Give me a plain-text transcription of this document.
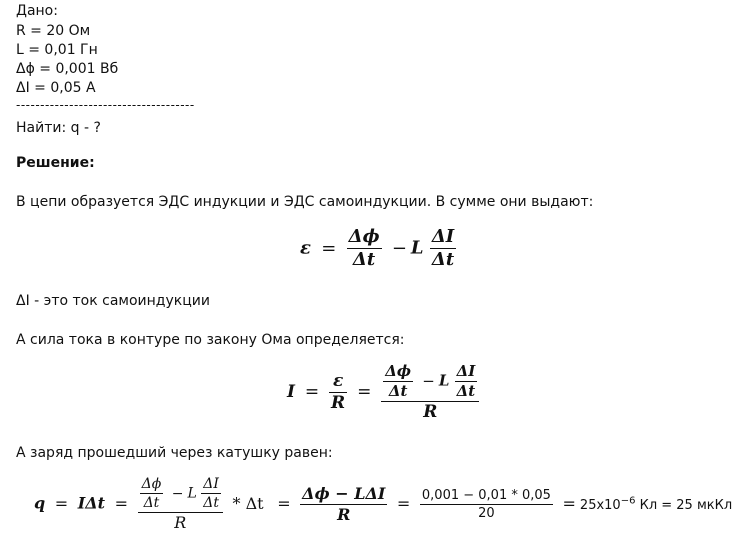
Дано:
R = 20 Ом
L = 0,01 Гн
Δϕ = 0,001 Вб
ΔI = 0,05 A
-------------------------------------
Найти: q - ?
Решение:
В цепи образуется ЭДС индукции и ЭДС самоиндукции. В сумме они выдают:
$\varepsilon = \frac{\Delta\phi}{\Delta t} - L \frac{\Delta I}{\Delta t}$
ΔI - это ток самоиндукции
А сила тока в контуре по закону Ома определяется:
$I = \frac{\varepsilon}{R} = \frac{\Delta\phi}{\Delta t} - L \frac{\Delta I}{\Delta t}$
R
А заряд прошедший через катушку равен:
$q = I\Delta t = \frac{\Delta\phi}{\Delta t} - L \frac{\Delta I}{\Delta t}$
R
* $\Delta t = \frac{\text{Δϕ − LΔI}}{R} = \frac{0,001 - 0,01 * 0,05}{20} = 25x10^{-6}$ Кл = 25 мкКл
